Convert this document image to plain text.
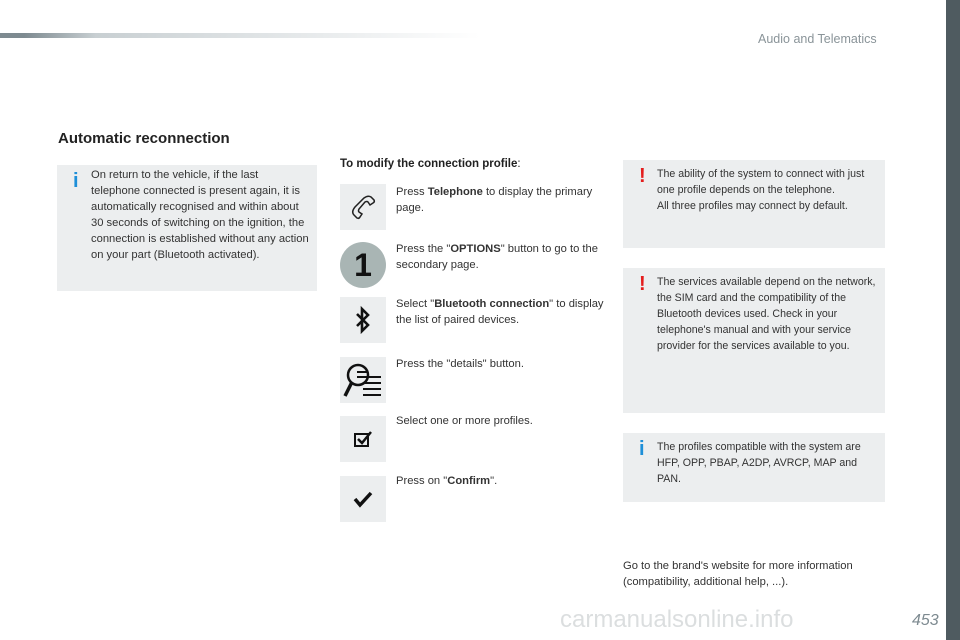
Audio and Telematics
Automatic reconnection
i On return to the vehicle, if the last telephone connected is present again, it is automatically recognised and within about 30 seconds of switching on the ignition, the connection is established without any action on your part (Bluetooth activated).

To modify the connection profile:
1
Press Telephone to display the primary page.
Press the "OPTIONS" button to go to the secondary page.
Select "Bluetooth connection" to display the list of paired devices.
Press the "details" button.
Select one or more profiles.
Press on "Confirm".
! The ability of the system to connect with just one profile depends on the telephone.
All three profiles may connect by default.

! The services available depend on the network, the SIM card and the compatibility of the Bluetooth devices used. Check in your telephone's manual and with your service provider for the services available to you.

i The profiles compatible with the system are HFP, OPP, PBAP, A2DP, AVRCP, MAP and PAN.

Go to the brand's website for more information (compatibility, additional help, ...).
carmanualsonline.info	453
